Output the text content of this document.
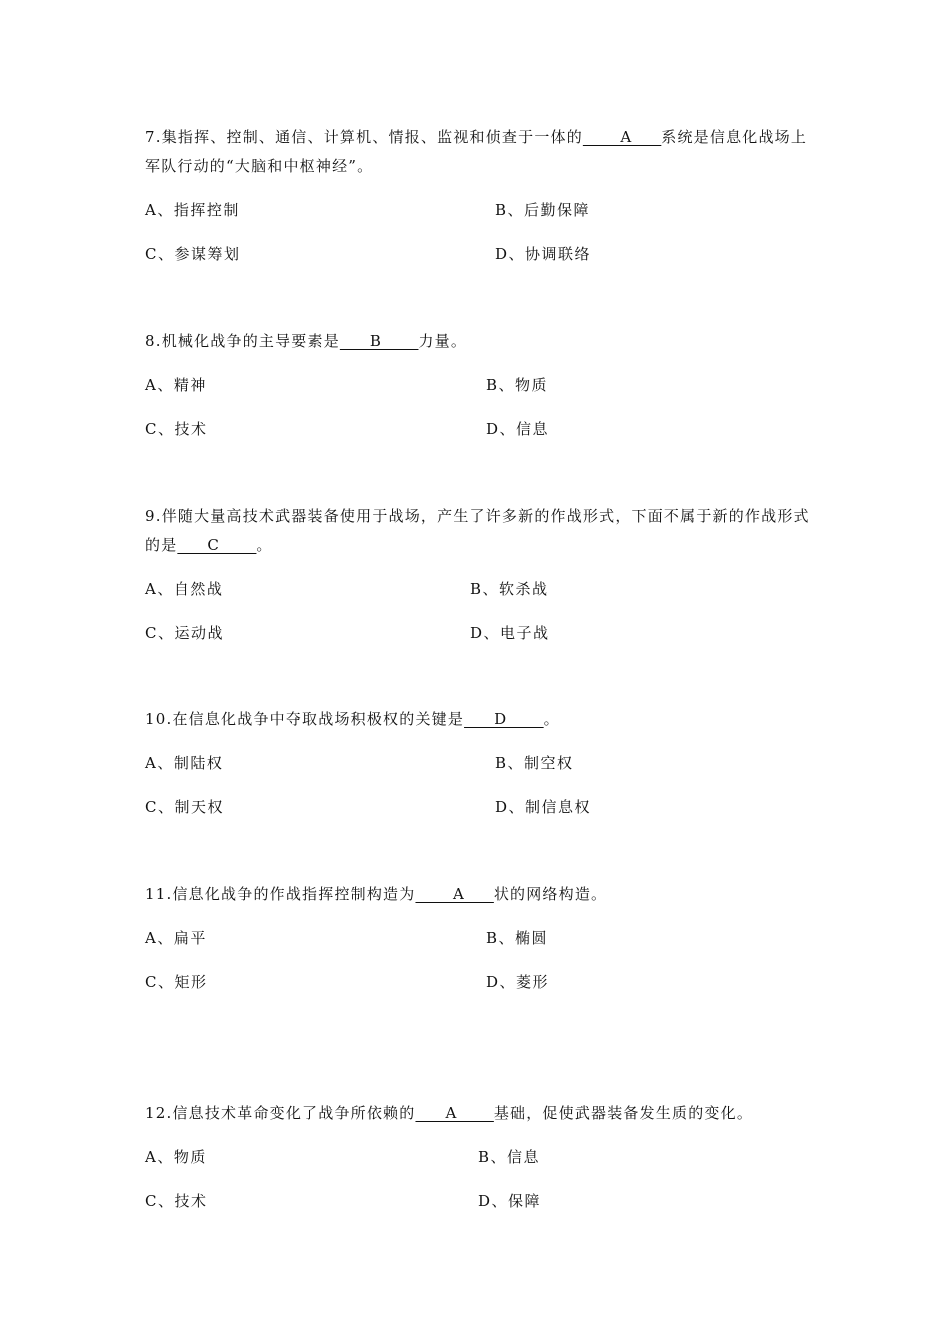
7.集指挥、控制、通信、计算机、情报、监视和侦查于一体的_____A____系统是信息化战场上军队行动的“大脑和中枢神经”。

A、指挥控制	B、后勤保障
C、参谋筹划	D、协调联络

8.机械化战争的主导要素是____B_____力量。

A、精神	B、物质
C、技术	D、信息

9.伴随大量高技术武器装备使用于战场，产生了许多新的作战形式，下面不属于新的作战形式的是____C_____。

A、自然战	B、软杀战
C、运动战	D、电子战

10.在信息化战争中夺取战场积极权的关键是____D_____。

A、制陆权	B、制空权
C、制天权	D、制信息权

11.信息化战争的作战指挥控制构造为_____A____状的网络构造。

A、扁平	B、椭圆
C、矩形	D、菱形

12.信息技术革命变化了战争所依赖的____A_____基础，促使武器装备发生质的变化。

A、物质	B、信息
C、技术	D、保障
